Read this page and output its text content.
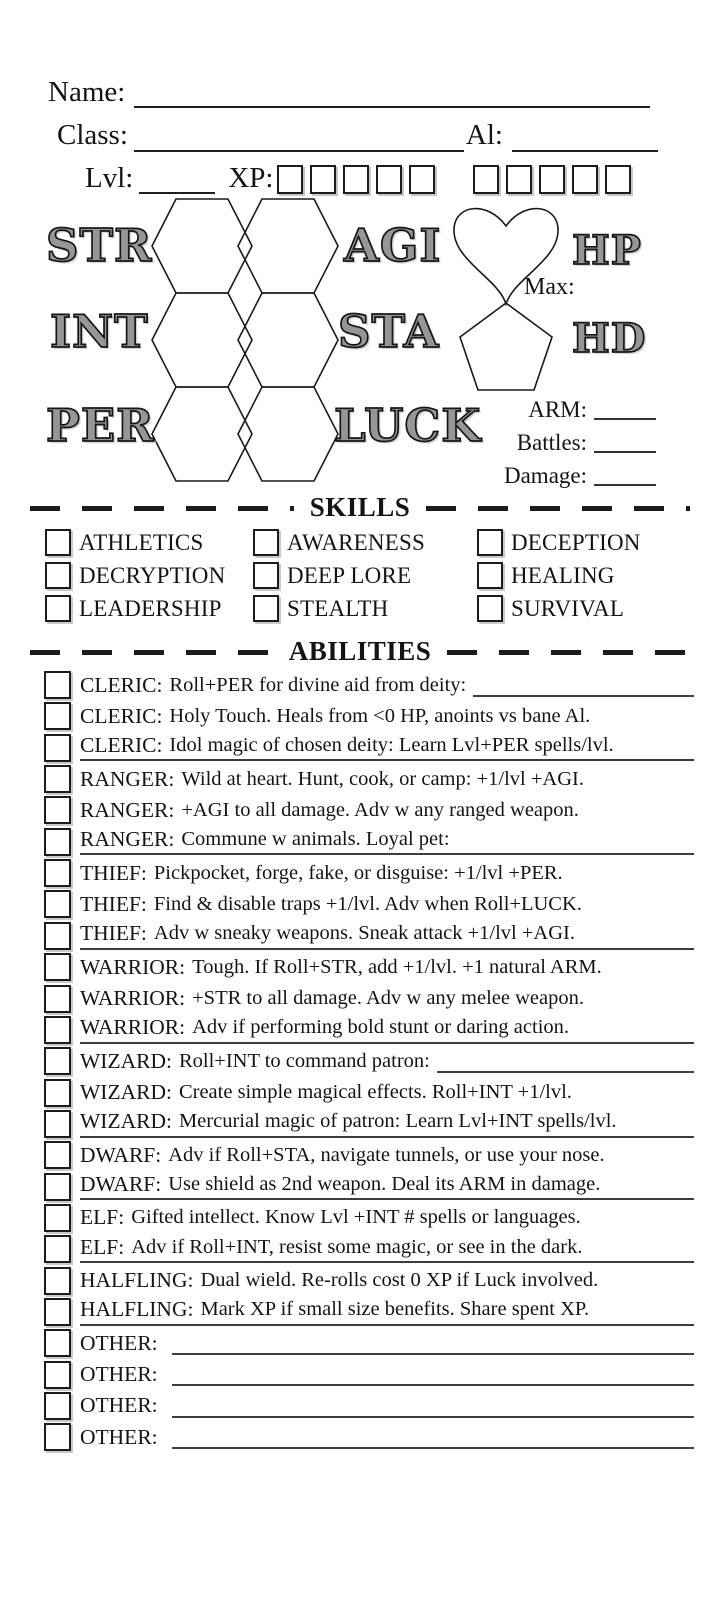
Name:
Class:	Al:
Lvl:	XP:
STR	AGI
INT	STA
PER	LUCK
HP
Max:
HD
ARM:
Battles:
Damage:
SKILLS
ATHLETICS	AWARENESS	DECEPTION
DECRYPTION	DEEP LORE	HEALING
LEADERSHIP	STEALTH	SURVIVAL
ABILITIES
CLERIC: Roll+PER for divine aid from deity:
CLERIC: Holy Touch. Heals from <0 HP, anoints vs bane Al.
CLERIC: Idol magic of chosen deity: Learn Lvl+PER spells/lvl.
RANGER: Wild at heart. Hunt, cook, or camp: +1/lvl +AGI.
RANGER: +AGI to all damage. Adv w any ranged weapon.
RANGER: Commune w animals. Loyal pet:
THIEF: Pickpocket, forge, fake, or disguise: +1/lvl +PER.
THIEF: Find & disable traps +1/lvl. Adv when Roll+LUCK.
THIEF: Adv w sneaky weapons. Sneak attack +1/lvl +AGI.
WARRIOR: Tough. If Roll+STR, add +1/lvl. +1 natural ARM.
WARRIOR: +STR to all damage. Adv w any melee weapon.
WARRIOR: Adv if performing bold stunt or daring action.
WIZARD: Roll+INT to command patron:
WIZARD: Create simple magical effects. Roll+INT +1/lvl.
WIZARD: Mercurial magic of patron: Learn Lvl+INT spells/lvl.
DWARF: Adv if Roll+STA, navigate tunnels, or use your nose.
DWARF: Use shield as 2nd weapon. Deal its ARM in damage.
ELF: Gifted intellect. Know Lvl +INT # spells or languages.
ELF: Adv if Roll+INT, resist some magic, or see in the dark.
HALFLING: Dual wield. Re-rolls cost 0 XP if Luck involved.
HALFLING: Mark XP if small size benefits. Share spent XP.
OTHER:
OTHER:
OTHER:
OTHER:
